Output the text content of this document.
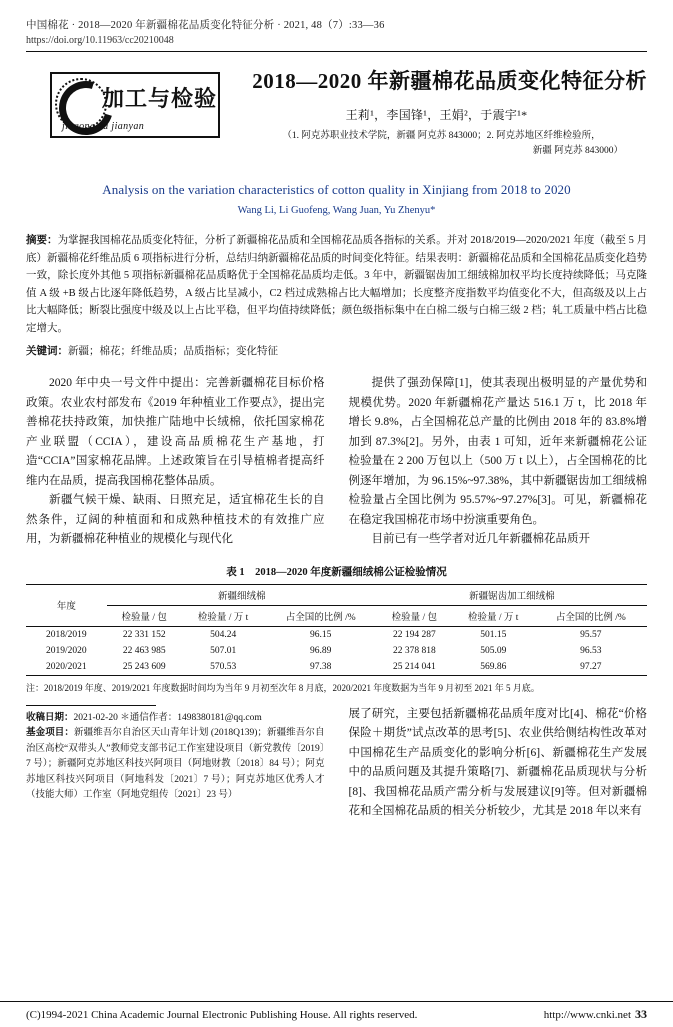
中国棉花 · 2018—2020 年新疆棉花品质变化特征分析 · 2021, 48（7）:33—36
https://doi.org/10.11963/cc20210048
加工与检验
jiagong yu jianyan
2018—2020 年新疆棉花品质变化特征分析
王莉¹，李国锋¹，王娟²，于震宇¹*
（1. 阿克苏职业技术学院，新疆 阿克苏 843000；2. 阿克苏地区纤维检验所，
新疆 阿克苏 843000）
Analysis on the variation characteristics of cotton quality in Xinjiang from 2018 to 2020
Wang Li, Li Guofeng, Wang Juan, Yu Zhenyu*
摘要：为掌握我国棉花品质变化特征，分析了新疆棉花品质和全国棉花品质各指标的关系。并对 2018/2019—2020/2021 年度（截至 5 月底）新疆棉花纤维品质 6 项指标进行分析，总结归纳新疆棉花品质的时间变化特征。结果表明：新疆棉花品质和全国棉花品质变化趋势一致，除长度外其他 5 项指标新疆棉花品质略优于全国棉花品质均走低。3 年中，新疆锯齿加工细绒棉加权平均长度持续降低；马克隆值 A 级 +B 级占比逐年降低趋势，A 级占比呈减小，C2 档过成熟棉占比大幅增加；长度整齐度指数平均值变化不大，但高级及以上占比大幅降低；断裂比强度中级及以上占比平稳，但平均值持续降低；颜色级指标集中在白棉二级与白棉三级 2 档；轧工质量中档占比稳定增大。
关键词：新疆；棉花；纤维品质；品质指标；变化特征

2020 年中央一号文件中提出：完善新疆棉花目标价格政策。农业农村部发布《2019 年种植业工作要点》，提出完善棉花扶持政策，加快推广陆地中长绒棉，依托国家棉花产业联盟（CCIA），建设高品质棉花生产基地，打造“CCIA”国家棉花品牌。上述政策旨在引导植棉者提高纤维内在品质，提高我国棉花整体品质。

新疆气候干燥、缺雨、日照充足，适宜棉花生长的自然条件，辽阔的种植面和和成熟种植技术的有效推广应用，为新疆棉花种植业的规模化与现代化

提供了强劲保障[1]，使其表现出极明显的产量优势和规模优势。2020 年新疆棉花产量达 516.1 万 t，比 2018 年增长 9.8%，占全国棉花总产量的比例由 2018 年的 83.8%增加到 87.3%[2]。另外，由表 1 可知，近年来新疆棉花公证检验量在 2 200 万包以上（500 万 t 以上），占全国棉花的比例逐年增加，为 96.15%~97.38%，其中新疆锯齿加工细绒棉检验量占全国比例为 95.57%~97.27%[3]。可见，新疆棉花在稳定我国棉花市场中扮演重要角色。

目前已有一些学者对近几年新疆棉花品质开

表 1　2018—2020 年度新疆细绒棉公证检验情况
年度	新疆细绒棉			新疆锯齿加工细绒棉		
	检验量 / 包	检验量 / 万 t	占全国的比例 /%	检验量 / 包	检验量 / 万 t	占全国的比例 /%
2018/2019	22 331 152	504.24	96.15	22 194 287	501.15	95.57
2019/2020	22 463 985	507.01	96.89	22 378 818	505.09	96.53
2020/2021	25 243 609	570.53	97.38	25 214 041	569.86	97.27
注：2018/2019 年度、2019/2021 年度数据时间均为当年 9 月初至次年 8 月底，2020/2021 年度数据为当年 9 月初至 2021 年 5 月底。
收稿日期：2021-02-20 ＊通信作者：1498380181@qq.com
基金项目：新疆维吾尔自治区天山青年计划 (2018Q139)；新疆维吾尔自治区高校“双带头人”教师党支部书记工作室建设项目（新党教传〔2019〕7 号）；新疆阿克苏地区科技兴阿项目（阿地财教〔2018〕84 号）；阿克苏地区科技兴阿项目（阿地科发〔2021〕7 号）；阿克苏地区优秀人才（技能大师）工作室（阿地党组传〔2021〕23 号）
展了研究，主要包括新疆棉花品质年度对比[4]、棉花“价格保险＋期货”试点改革的思考[5]、农业供给侧结构性改革对中国棉花生产品质变化的影响分析[6]、新疆棉花生产发展中的品质问题及其提升策略[7]、新疆棉花品质现状与分析[8]、我国棉花品质产需分析与发展建议[9]等。但对新疆棉花和全国棉花品质的相关分析较少，尤其是 2018 年以来有
(C)1994-2021 China Academic Journal Electronic Publishing House. All rights reserved.	http://www.cnki.net 33
